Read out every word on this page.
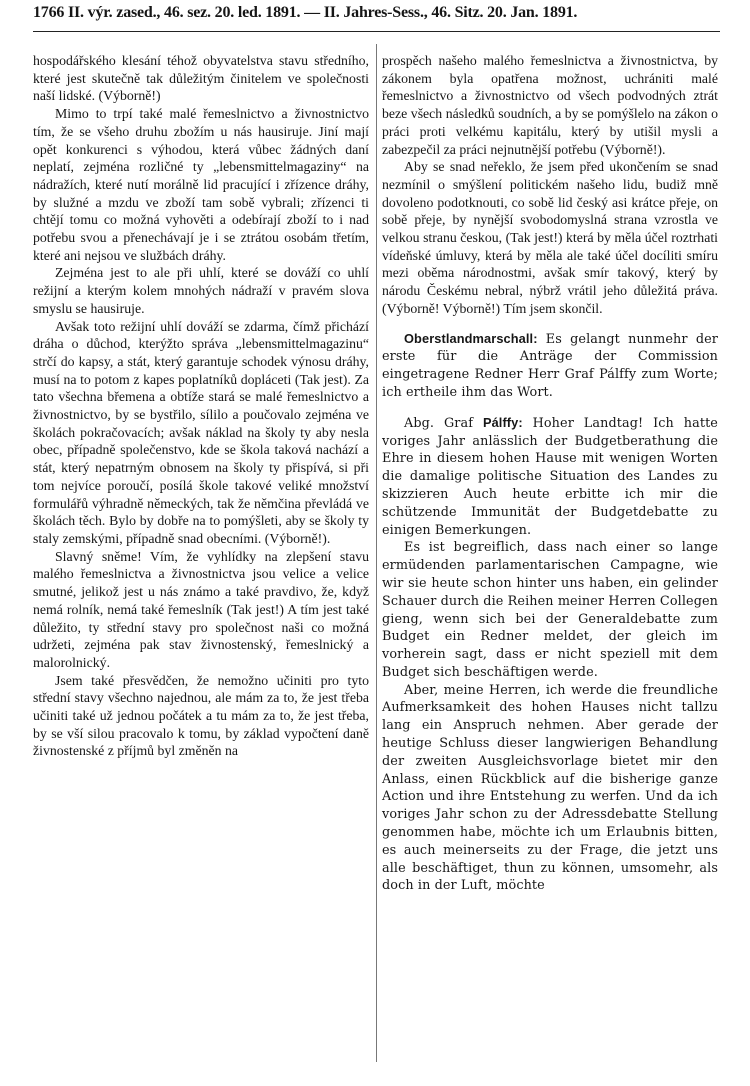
1766 II. výr. zased., 46. sez. 20. led. 1891. — II. Jahres-Sess., 46. Sitz. 20. Jan. 1891.

hospodářského klesání téhož obyvatelstva stavu středního, které jest skutečně tak důležitým činitelem ve společnosti naší lidské. (Výborně!)

Mimo to trpí také malé řemeslnictvo a živnostnictvo tím, že se všeho druhu zbožím u nás hausiruje. Jiní mají opět konkurenci s výhodou, která vůbec žádných daní neplatí, zejména rozličné ty „lebensmittelmagaziny“ na nádražích, které nutí morálně lid pracující i zřízence dráhy, by služné a mzdu ve zboží tam sobě vybrali; zřízenci ti chtějí tomu co možná vyhověti a odebírají zboží to i nad potřebu svou a přenechávají je i se ztrátou osobám třetím, které ani nejsou ve službách dráhy.

Zejména jest to ale při uhlí, které se dováží co uhlí režijní a kterým kolem mnohých nádraží v pravém slova smyslu se hausiruje.

Avšak toto režijní uhlí dováží se zdarma, čímž přichází dráha o důchod, kterýžto správa „lebensmittelmagazinu“ strčí do kapsy, a stát, který garantuje schodek výnosu dráhy, musí na to potom z kapes poplatníků dopláceti (Tak jest). Za tato všechna břemena a obtíže stará se malé řemeslnictvo a živnostnictvo, by se bystřilo, sílilo a poučovalo zejména ve školách pokračovacích; avšak náklad na školy ty aby nesla obec, případně společenstvo, kde se škola taková nachází a stát, který nepatrným obnosem na školy ty přispívá, si při tom nejvíce poroučí, posílá škole takové veliké množství formulářů výhradně německých, tak že němčina převládá ve školách těch. Bylo by dobře na to pomýšleti, aby se školy ty staly zemskými, případně snad obecními. (Výborně!).

Slavný sněme! Vím, že vyhlídky na zlepšení stavu malého řemeslnictva a živnostnictva jsou velice a velice smutné, jelikož jest u nás známo a také pravdivo, že, když nemá rolník, nemá také řemeslník (Tak jest!) A tím jest také důležito, ty střední stavy pro společnost naši co možná udržeti, zejména pak stav živnostenský, řemeslnický a malorolnický.

Jsem také přesvědčen, že nemožno učiniti pro tyto střední stavy všechno najednou, ale mám za to, že jest třeba učiniti také už jednou počátek a tu mám za to, že jest třeba, by se vší silou pracovalo k tomu, by základ vypočtení daně živnostenské z příjmů byl změněn na

prospěch našeho malého řemeslnictva a živnostnictva, by zákonem byla opatřena možnost, uchrániti malé řemeslnictvo a živnostnictvo od všech podvodných ztrát beze všech následků soudních, a by se pomýšlelo na zákon o práci proti velkému kapitálu, který by utišil mysli a zabezpečil za práci nejnutnější potřebu (Výborně!).

Aby se snad neřeklo, že jsem před ukončením se snad nezmínil o smýšlení politickém našeho lidu, budiž mně dovoleno podotknouti, co sobě lid český asi krátce přeje, on sobě přeje, by nynější svobodomyslná strana vzrostla ve velkou stranu českou, (Tak jest!) která by měla účel roztrhati vídeňské úmluvy, která by měla ale také účel docíliti smíru mezi oběma národnostmi, avšak smír takový, který by národu Českému nebral, nýbrž vrátil jeho důležitá práva. (Výborně! Výborně!) Tím jsem skončil.

Oberstlandmarschall: Es gelangt nunmehr der erste für die Anträge der Commission eingetragene Redner Herr Graf Pálffy zum Worte; ich ertheile ihm das Wort.

Abg. Graf Pálffy: Hoher Landtag! Ich hatte voriges Jahr anlässlich der Budgetberathung die Ehre in diesem hohen Hause mit wenigen Worten die damalige politische Situation des Landes zu skizzieren Auch heute erbitte ich mir die schützende Immunität der Budgetdebatte zu einigen Bemerkungen.

Es ist begreiflich, dass nach einer so lange ermüdenden parlamentarischen Campagne, wie wir sie heute schon hinter uns haben, ein gelinder Schauer durch die Reihen meiner Herren Collegen gieng, wenn sich bei der Generaldebatte zum Budget ein Redner meldet, der gleich im vorherein sagt, dass er nicht speziell mit dem Budget sich beschäftigen werde.

Aber, meine Herren, ich werde die freundliche Aufmerksamkeit des hohen Hauses nicht tallzu lang ein Anspruch nehmen. Aber gerade der heutige Schluss dieser langwierigen Behandlung der zweiten Ausgleichsvorlage bietet mir den Anlass, einen Rückblick auf die bisherige ganze Action und ihre Entstehung zu werfen. Und da ich voriges Jahr schon zu der Adressdebatte Stellung genommen habe, möchte ich um Erlaubnis bitten, es auch meinerseits zu der Frage, die jetzt uns alle beschäftiget, thun zu können, umsomehr, als doch in der Luft, möchte
